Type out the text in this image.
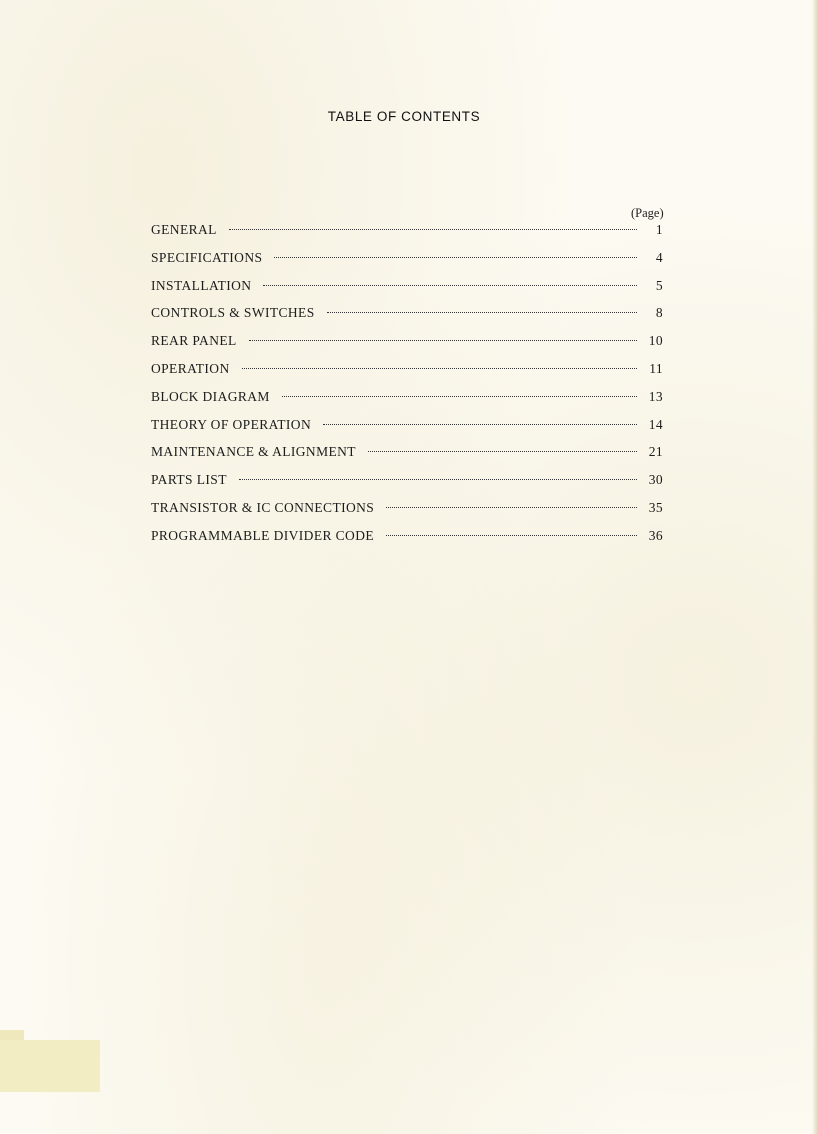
TABLE OF CONTENTS
(Page)
GENERAL	1
SPECIFICATIONS	4
INSTALLATION	5
CONTROLS & SWITCHES	8
REAR PANEL	10
OPERATION	11
BLOCK DIAGRAM	13
THEORY OF OPERATION	14
MAINTENANCE & ALIGNMENT	21
PARTS LIST	30
TRANSISTOR & IC CONNECTIONS	35
PROGRAMMABLE DIVIDER CODE	36
